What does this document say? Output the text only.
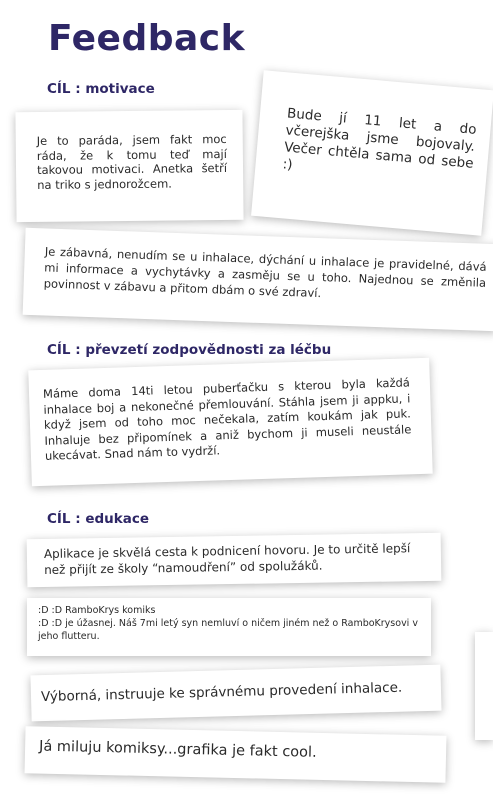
Feedback
CÍL : motivace

Je to paráda, jsem fakt moc ráda, že k tomu teď mají takovou motivaci. Anetka šetří na triko s jednorožcem.

Bude jí 11 let a do včerejška jsme bojovaly. Večer chtěla sama od sebe :)

Je zábavná, nenudím se u inhalace, dýchání u inhalace je pravidelné, dává mi informace a vychytávky a zasměju se u toho. Najednou se změnila povinnost v zábavu a přitom dbám o své zdraví.

CÍL : převzetí zodpovědnosti za léčbu

Máme doma 14ti letou puberťačku s kterou byla každá inhalace boj a nekonečné přemlouvání. Stáhla jsem ji appku, i když jsem od toho moc nečekala, zatím koukám jak puk. Inhaluje bez připomínek a aniž bychom ji museli neustále ukecávat. Snad nám to vydrží.

CÍL : edukace

Aplikace je skvělá cesta k podnicení hovoru. Je to určitě lepší než přijít ze školy “namoudření” od spolužáků.

:D :D RamboKrys komiks

:D :D je úžasnej. Náš 7mi letý syn nemluví o ničem jiném než o RamboKrysovi v jeho flutteru.

Výborná, instruuje ke správnému provedení inhalace.

Já miluju komiksy...grafika je fakt cool.
